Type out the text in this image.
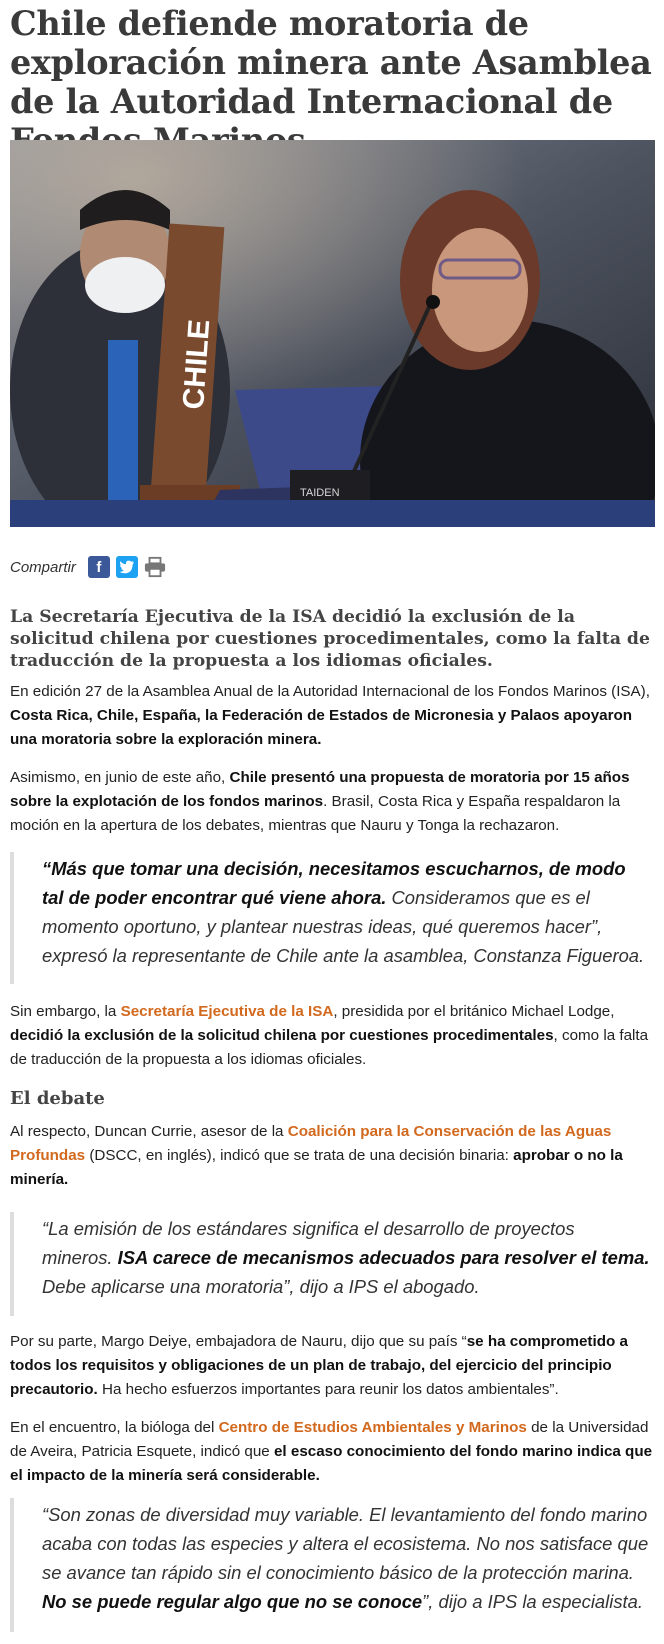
Chile defiende moratoria de exploración minera ante Asamblea de la Autoridad Internacional de
CHILE
TAIDEN
Compartir	f

La Secretaría Ejecutiva de la ISA decidió la exclusión de la solicitud chilena por cuestiones procedimentales, como la falta de traducción de la propuesta a los idiomas oficiales.

En edición 27 de la Asamblea Anual de la Autoridad Internacional de los Fondos Marinos (ISA), Costa Rica, Chile, España, la Federación de Estados de Micronesia y Palaos apoyaron una moratoria sobre la exploración minera.

Asimismo, en junio de este año, Chile presentó una propuesta de moratoria por 15 años sobre la explotación de los fondos marinos. Brasil, Costa Rica y España respaldaron la moción en la apertura de los debates, mientras que Nauru y Tonga la rechazaron.

“Más que tomar una decisión, necesitamos escucharnos, de modo tal de poder encontrar qué viene ahora. Consideramos que es el momento oportuno, y plantear nuestras ideas, qué queremos hacer”, expresó la representante de Chile ante la asamblea, Constanza Figueroa.

Sin embargo, la Secretaría Ejecutiva de la ISA, presidida por el británico Michael Lodge, decidió la exclusión de la solicitud chilena por cuestiones procedimentales, como la falta de traducción de la propuesta a los idiomas oficiales.

El debate

Al respecto, Duncan Currie, asesor de la Coalición para la Conservación de las Aguas Profundas (DSCC, en inglés), indicó que se trata de una decisión binaria: aprobar o no la minería.

“La emisión de los estándares significa el desarrollo de proyectos mineros. ISA carece de mecanismos adecuados para resolver el tema. Debe aplicarse una moratoria”, dijo a IPS el abogado.

Por su parte, Margo Deiye, embajadora de Nauru, dijo que su país “se ha comprometido a todos los requisitos y obligaciones de un plan de trabajo, del ejercicio del principio precautorio. Ha hecho esfuerzos importantes para reunir los datos ambientales”.

En el encuentro, la bióloga del Centro de Estudios Ambientales y Marinos de la Universidad de Aveira, Patricia Esquete, indicó que el escaso conocimiento del fondo marino indica que el impacto de la minería será considerable.

“Son zonas de diversidad muy variable. El levantamiento del fondo marino acaba con todas las especies y altera el ecosistema. No nos satisface que se avance tan rápido sin el conocimiento básico de la protección marina. No se puede regular algo que no se conoce”, dijo a IPS la especialista.
